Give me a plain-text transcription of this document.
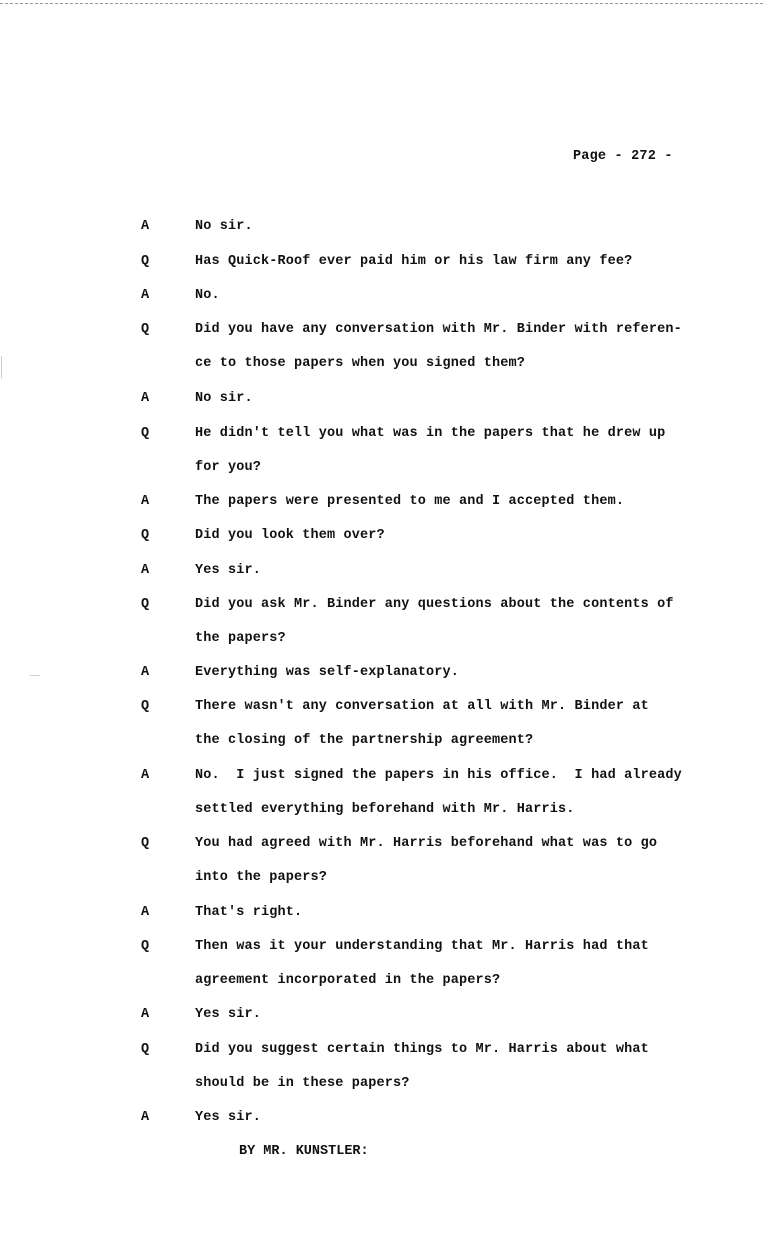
Page - 272 -
A	No sir.
Q	Has Quick-Roof ever paid him or his law firm any fee?
A	No.
Q	Did you have any conversation with Mr. Binder with referen-
ce to those papers when you signed them?
A	No sir.
Q	He didn't tell you what was in the papers that he drew up
for you?
A	The papers were presented to me and I accepted them.
Q	Did you look them over?
A	Yes sir.
Q	Did you ask Mr. Binder any questions about the contents of
the papers?
A	Everything was self-explanatory.
Q	There wasn't any conversation at all with Mr. Binder at
the closing of the partnership agreement?
A	No.  I just signed the papers in his office.  I had already
settled everything beforehand with Mr. Harris.
Q	You had agreed with Mr. Harris beforehand what was to go
into the papers?
A	That's right.
Q	Then was it your understanding that Mr. Harris had that
agreement incorporated in the papers?
A	Yes sir.
Q	Did you suggest certain things to Mr. Harris about what
should be in these papers?
A	Yes sir.
BY MR. KUNSTLER:
